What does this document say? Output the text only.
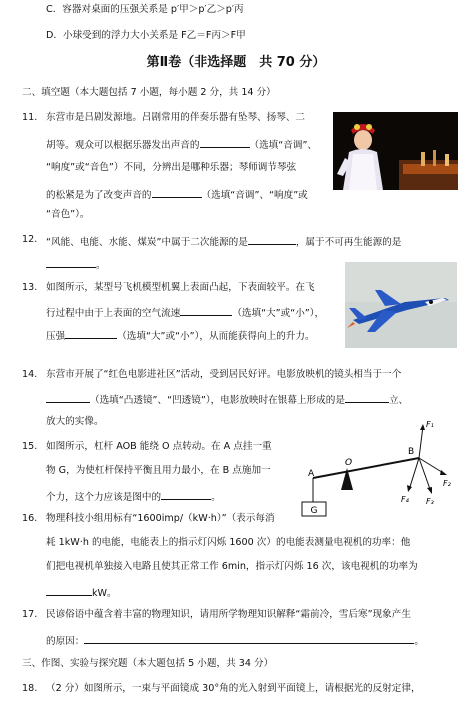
C．容器对桌面的压强关系是 p′甲＞p′乙＞p′丙
D．小球受到的浮力大小关系是 F乙＝F丙＞F甲
第Ⅱ卷（非选择题　共 70 分）
二、填空题（本大题包括 7 小题，每小题 2 分，共 14 分）
11. 东营市是吕剧发源地。吕剧常用的伴奏乐器有坠琴、扬琴、二
胡等。观众可以根据乐器发出声音的	（选填“音调”、
“响度”或“音色”）不同，分辨出是哪种乐器；琴师调节琴弦
的松紧是为了改变声音的	（选填“音调”、“响度”或
“音色”）。
12. “风能、电能、水能、煤炭”中属于二次能源的是	，属于不可再生能源的是
。
13. 如图所示，某型号飞机模型机翼上表面凸起，下表面较平。在飞
行过程中由于上表面的空气流速	（选填“大”或“小”），
压强	（选填“大”或“小”），从而能获得向上的升力。
14. 东营市开展了“红色电影进社区”活动，受到居民好评。电影放映机的镜头相当于一个
（选填“凸透镜”、“凹透镜”），电影放映时在银幕上形成的是	立、
放大的实像。
15. 如图所示，杠杆 AOB 能绕 O 点转动。在 A 点挂一重
物 G，为使杠杆保持平衡且用力最小，在 B 点施加一
个力，这个力应该是图中的	。
G
A
O
B
F₁
F₂
F₃
F₄
16. 物理科技小组用标有“1600imp/（kW·h）”（表示每消
耗 1kW·h 的电能，电能表上的指示灯闪烁 1600 次）的电能表测量电视机的功率：他
们把电视机单独接入电路且使其正常工作 6min，指示灯闪烁 16 次，该电视机的功率为
kW。
17. 民谚俗语中蕴含着丰富的物理知识，请用所学物理知识解释“霜前冷，雪后寒”现象产生
的原因：	。
三、作图、实验与探究题（本大题包括 5 小题，共 34 分）
18. （2 分）如图所示，一束与平面镜成 30°角的光入射到平面镜上，请根据光的反射定律，
